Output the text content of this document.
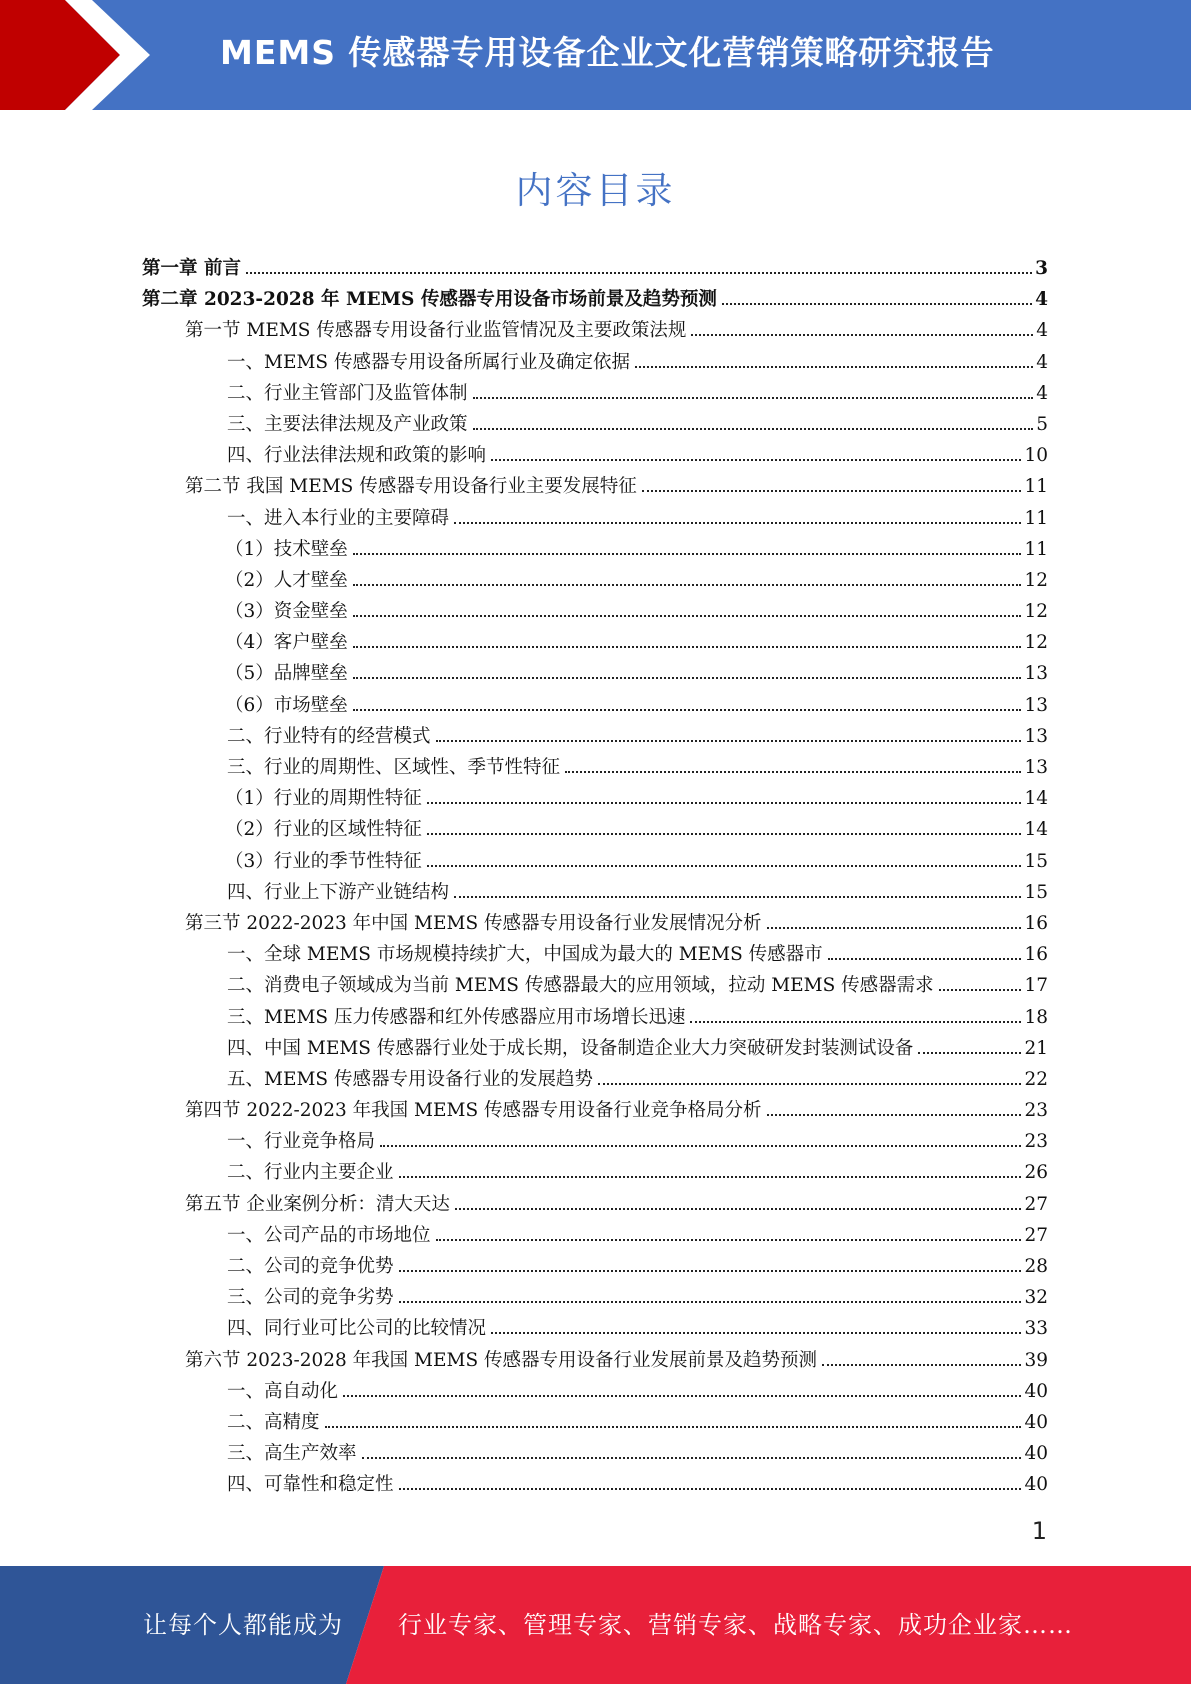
MEMS 传感器专用设备企业文化营销策略研究报告
内容目录
第一章 前言	3
第二章 2023-2028 年 MEMS 传感器专用设备市场前景及趋势预测	4
第一节 MEMS 传感器专用设备行业监管情况及主要政策法规	4
一、MEMS 传感器专用设备所属行业及确定依据	4
二、行业主管部门及监管体制	4
三、主要法律法规及产业政策	5
四、行业法律法规和政策的影响	10
第二节 我国 MEMS 传感器专用设备行业主要发展特征	11
一、进入本行业的主要障碍	11
（1）技术壁垒	11
（2）人才壁垒	12
（3）资金壁垒	12
（4）客户壁垒	12
（5）品牌壁垒	13
（6）市场壁垒	13
二、行业特有的经营模式	13
三、行业的周期性、区域性、季节性特征	13
（1）行业的周期性特征	14
（2）行业的区域性特征	14
（3）行业的季节性特征	15
四、行业上下游产业链结构	15
第三节 2022-2023 年中国 MEMS 传感器专用设备行业发展情况分析	16
一、全球 MEMS 市场规模持续扩大，中国成为最大的 MEMS 传感器市	16
二、消费电子领域成为当前 MEMS 传感器最大的应用领域，拉动 MEMS 传感器需求	17
三、MEMS 压力传感器和红外传感器应用市场增长迅速	18
四、中国 MEMS 传感器行业处于成长期，设备制造企业大力突破研发封装测试设备	21
五、MEMS 传感器专用设备行业的发展趋势	22
第四节 2022-2023 年我国 MEMS 传感器专用设备行业竞争格局分析	23
一、行业竞争格局	23
二、行业内主要企业	26
第五节 企业案例分析：清大天达	27
一、公司产品的市场地位	27
二、公司的竞争优势	28
三、公司的竞争劣势	32
四、同行业可比公司的比较情况	33
第六节 2023-2028 年我国 MEMS 传感器专用设备行业发展前景及趋势预测	39
一、高自动化	40
二、高精度	40
三、高生产效率	40
四、可靠性和稳定性	40
1
让每个人都能成为 行业专家、管理专家、营销专家、战略专家、成功企业家……
